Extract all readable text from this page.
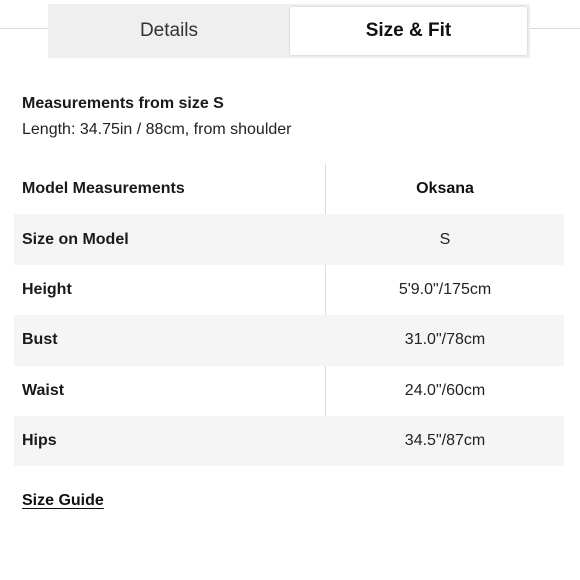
Details	Size & Fit
Measurements from size S
Length: 34.75in / 88cm, from shoulder
Model Measurements	Oksana
Size on Model	S
Height	5'9.0"/175cm
Bust	31.0"/78cm
Waist	24.0"/60cm
Hips	34.5"/87cm
Size Guide
